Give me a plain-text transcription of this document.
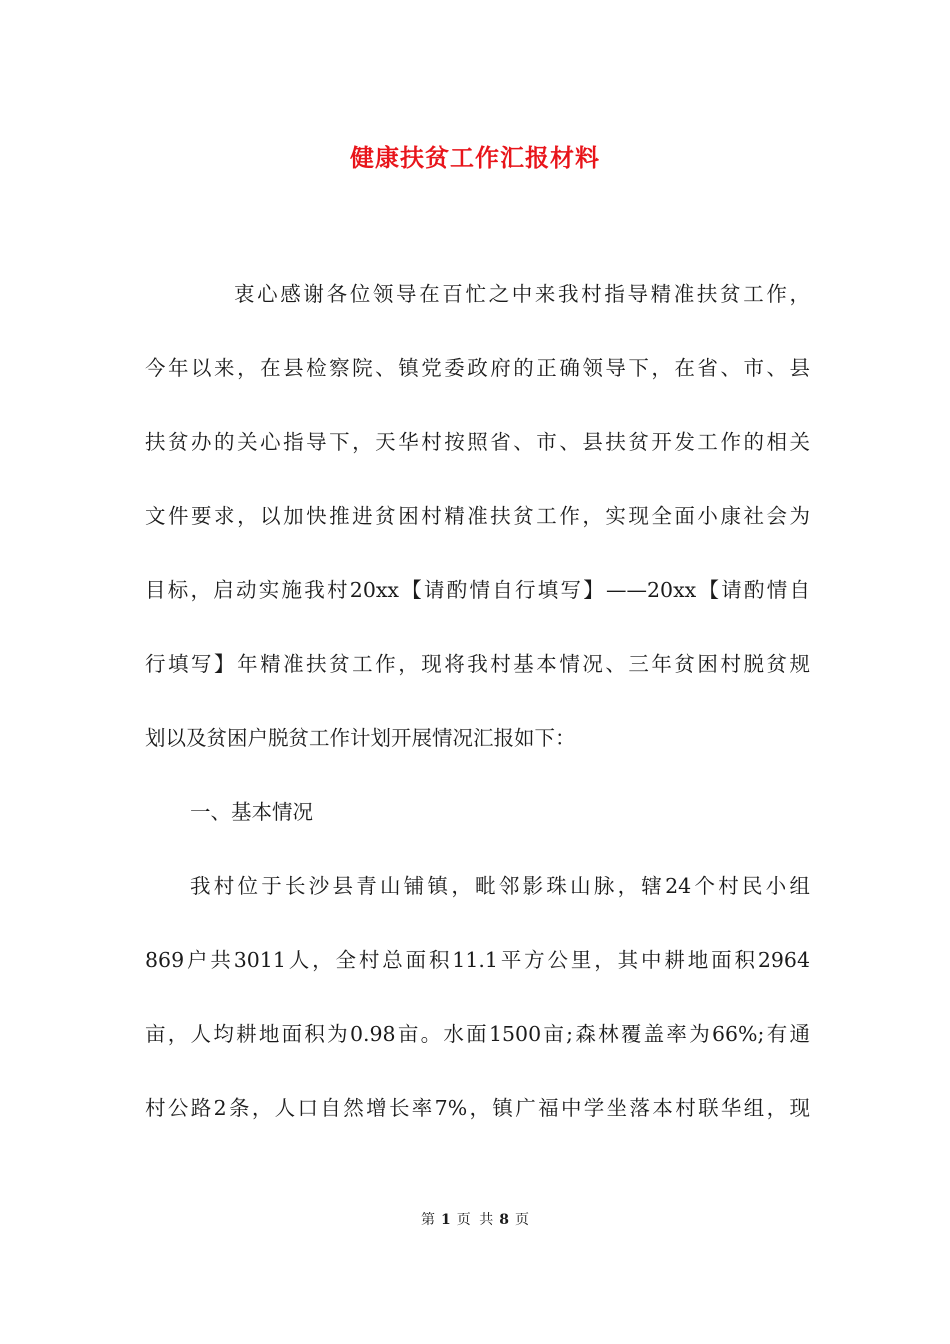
健康扶贫工作汇报材料
衷心感谢各位领导在百忙之中来我村指导精准扶贫工作，
今年以来，在县检察院、镇党委政府的正确领导下，在省、市、县
扶贫办的关心指导下，天华村按照省、市、县扶贫开发工作的相关
文件要求，以加快推进贫困村精准扶贫工作，实现全面小康社会为
目标，启动实施我村20xx【请酌情自行填写】——20xx【请酌情自
行填写】年精准扶贫工作，现将我村基本情况、三年贫困村脱贫规
划以及贫困户脱贫工作计划开展情况汇报如下：
一、基本情况
我村位于长沙县青山铺镇，毗邻影珠山脉，辖24个村民小组
869户共3011人，全村总面积11.1平方公里，其中耕地面积2964
亩，人均耕地面积为0.98亩。水面1500亩;森林覆盖率为66%;有通
村公路2条，人口自然增长率7%，镇广福中学坐落本村联华组，现
第 1 页 共 8 页
